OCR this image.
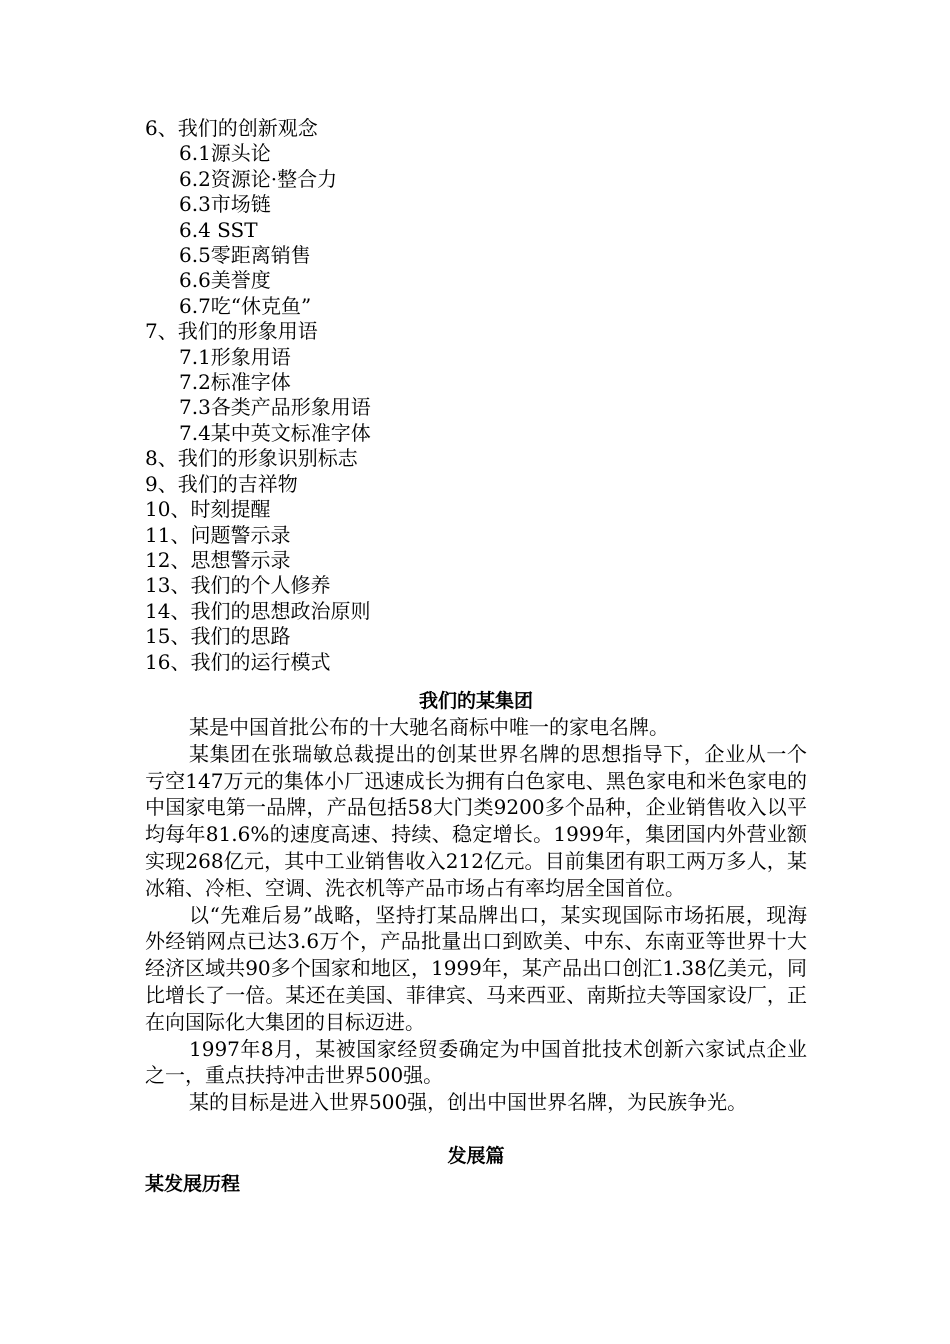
6、我们的创新观念
6.1源头论
6.2资源论·整合力
6.3市场链
6.4 SST
6.5零距离销售
6.6美誉度
6.7吃“休克鱼”
7、我们的形象用语
7.1形象用语
7.2标准字体
7.3各类产品形象用语
7.4某中英文标准字体
8、我们的形象识别标志
9、我们的吉祥物
10、时刻提醒
11、问题警示录
12、思想警示录
13、我们的个人修养
14、我们的思想政治原则
15、我们的思路
16、我们的运行模式
我们的某集团

某是中国首批公布的十大驰名商标中唯一的家电名牌。

某集团在张瑞敏总裁提出的创某世界名牌的思想指导下，企业从一个亏空147万元的集体小厂迅速成长为拥有白色家电、黑色家电和米色家电的中国家电第一品牌，产品包括58大门类9200多个品种，企业销售收入以平均每年81.6%的速度高速、持续、稳定增长。1999年，集团国内外营业额实现268亿元，其中工业销售收入212亿元。目前集团有职工两万多人，某冰箱、冷柜、空调、洗衣机等产品市场占有率均居全国首位。

以“先难后易”战略，坚持打某品牌出口，某实现国际市场拓展，现海外经销网点已达3.6万个，产品批量出口到欧美、中东、东南亚等世界十大经济区域共90多个国家和地区，1999年，某产品出口创汇1.38亿美元，同比增长了一倍。某还在美国、菲律宾、马来西亚、南斯拉夫等国家设厂，正在向国际化大集团的目标迈进。

1997年8月，某被国家经贸委确定为中国首批技术创新六家试点企业之一，重点扶持冲击世界500强。

某的目标是进入世界500强，创出中国世界名牌，为民族争光。

发展篇
某发展历程
